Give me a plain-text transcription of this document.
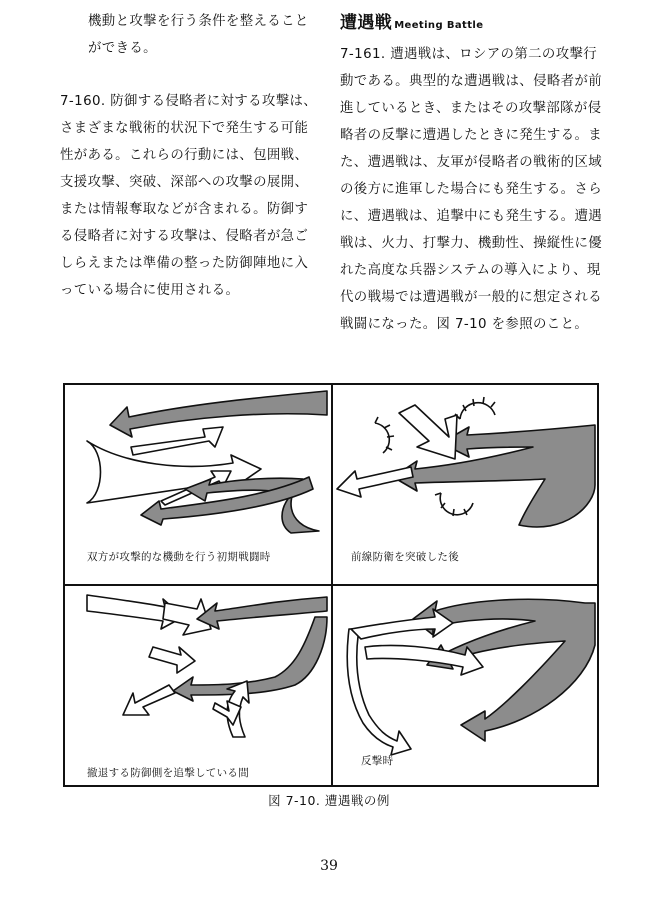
機動と攻撃を行う条件を整えることができる。

7-160. 防御する侵略者に対する攻撃は、さまざまな戦術的状況下で発生する可能性がある。これらの行動には、包囲戦、支援攻撃、突破、深部への攻撃の展開、または情報奪取などが含まれる。防御する侵略者に対する攻撃は、侵略者が急ごしらえまたは準備の整った防御陣地に入っている場合に使用される。

遭遇戦 Meeting Battle

7-161. 遭遇戦は、ロシアの第二の攻撃行動である。典型的な遭遇戦は、侵略者が前進しているとき、またはその攻撃部隊が侵略者の反撃に遭遇したときに発生する。また、遭遇戦は、友軍が侵略者の戦術的区域の後方に進軍した場合にも発生する。さらに、遭遇戦は、追撃中にも発生する。遭遇戦は、火力、打撃力、機動性、操縦性に優れた高度な兵器システムの導入により、現代の戦場では遭遇戦が一般的に想定される戦闘になった。図 7-10 を参照のこと。

双方が攻撃的な機動を行う初期戦闘時	前線防衛を突破した後
撤退する防御側を追撃している間
反撃時
図 7-10. 遭遇戦の例
39
